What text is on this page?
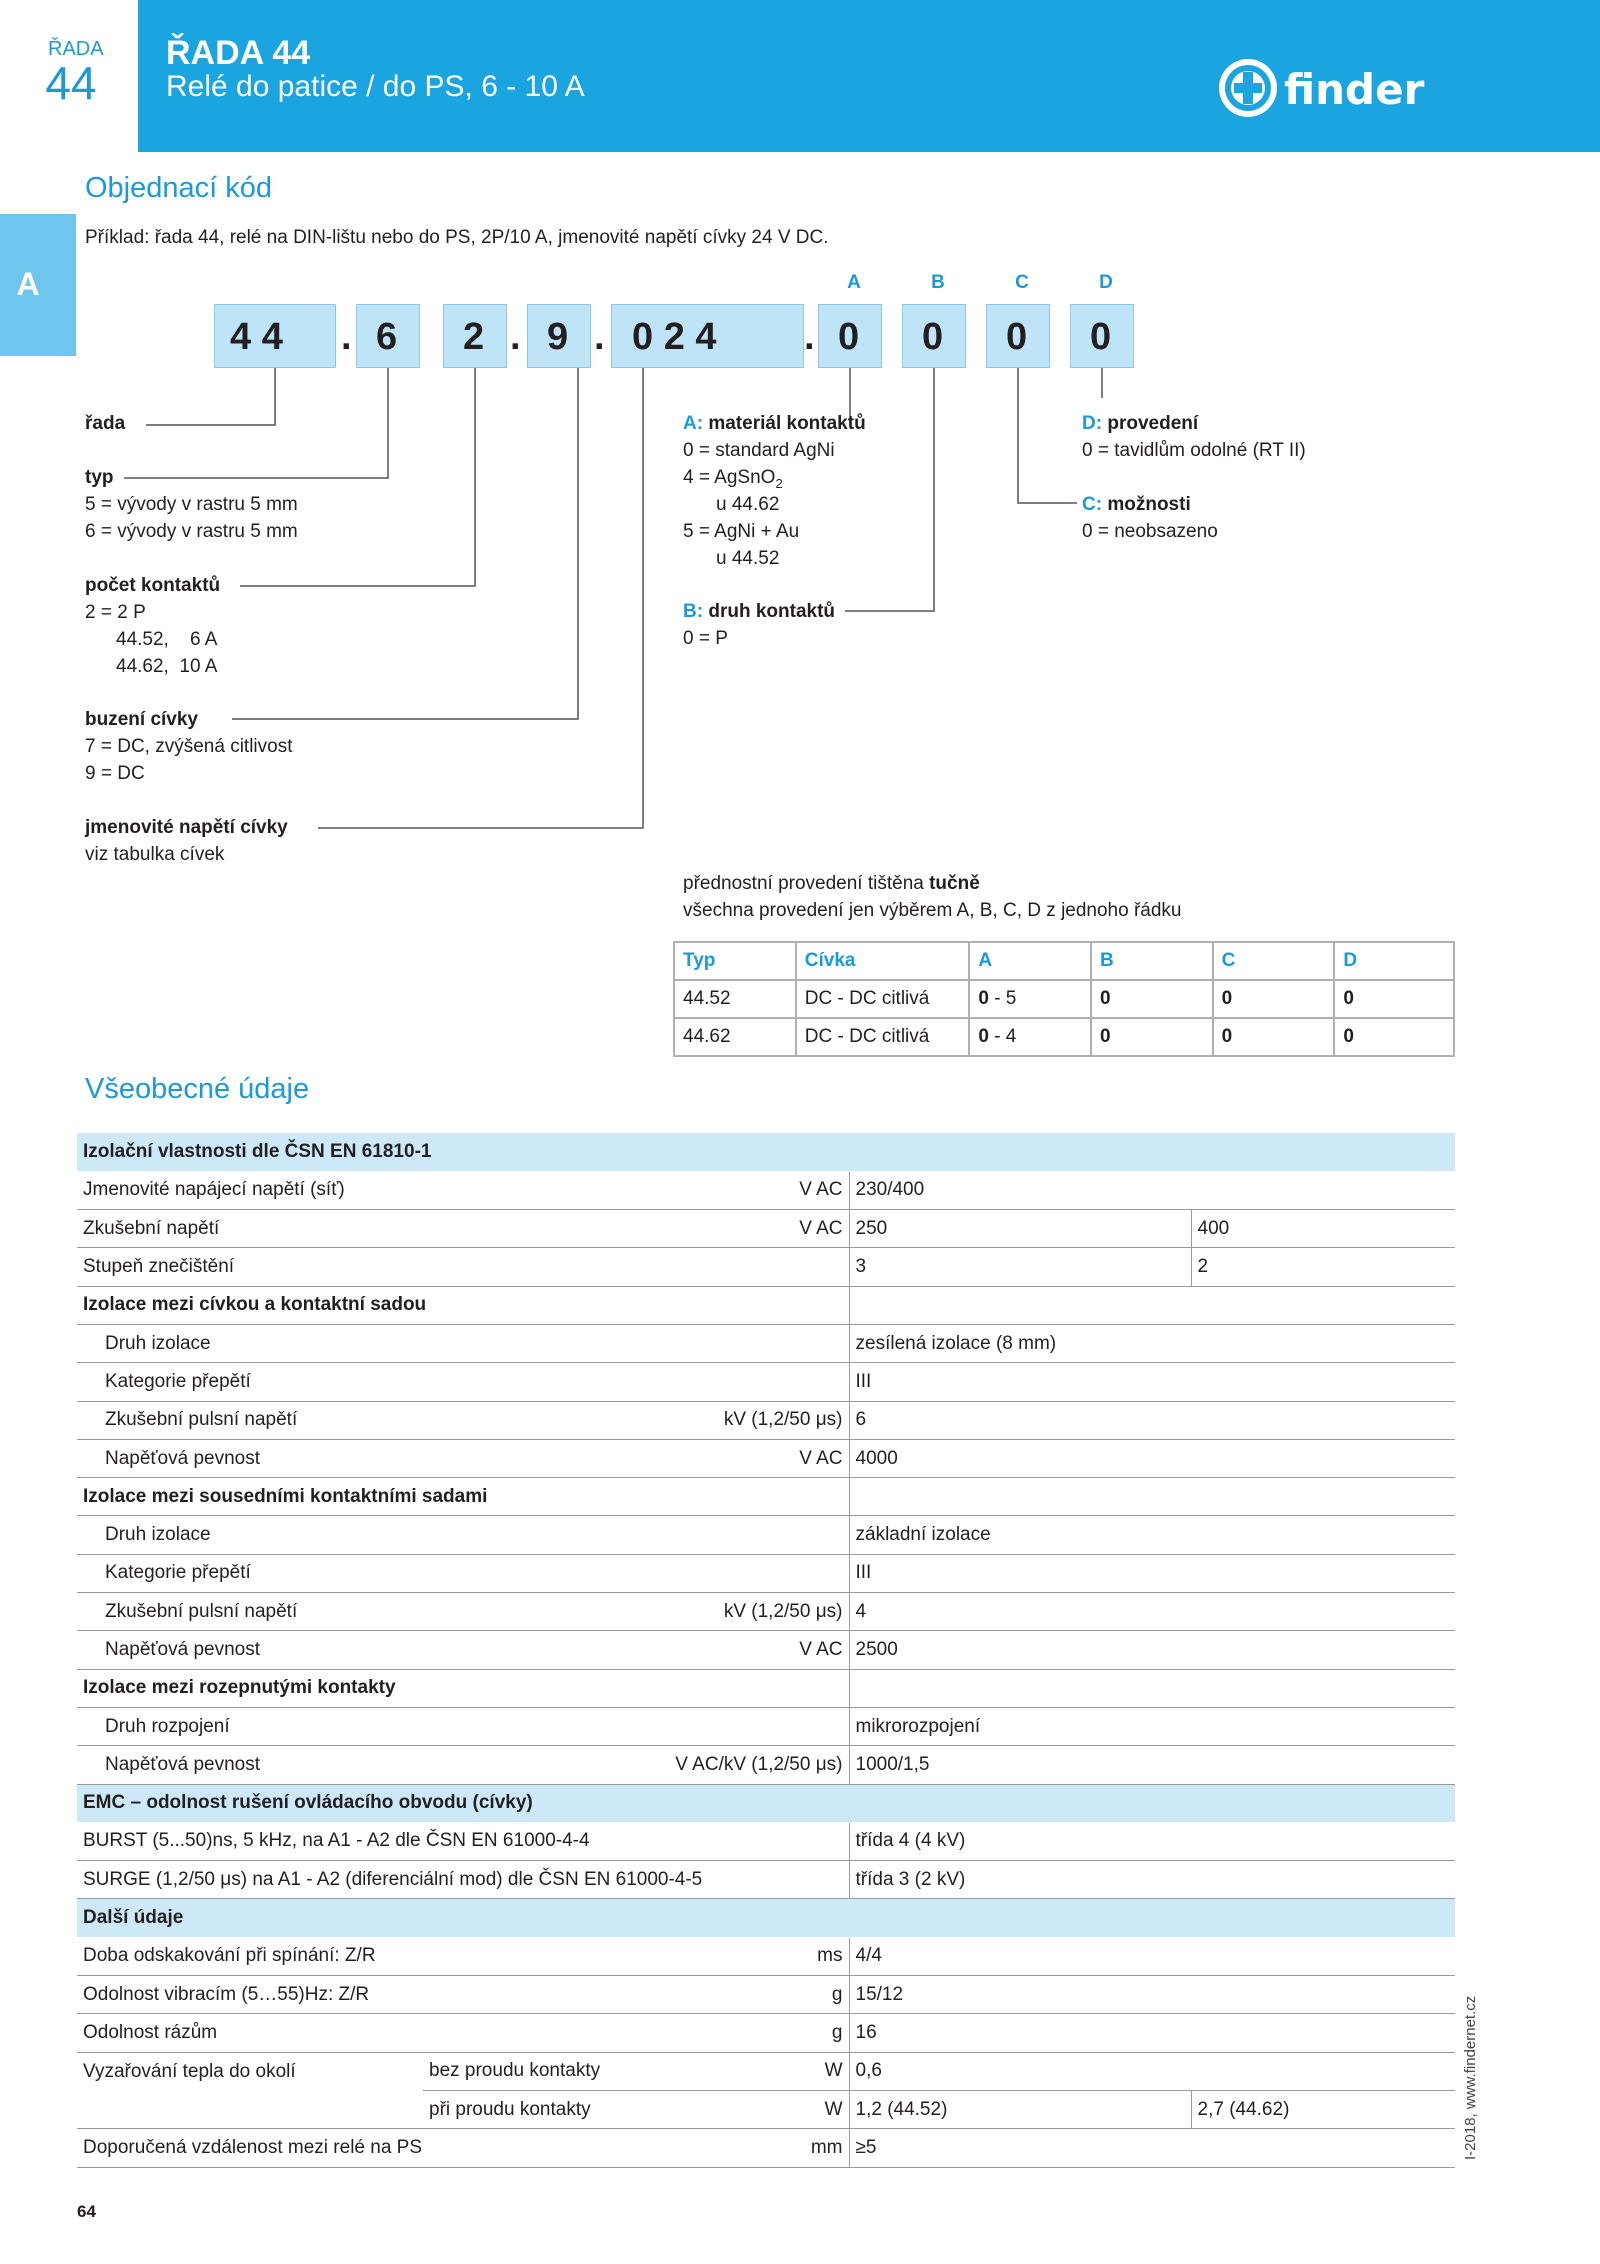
ŘADA
44
ŘADA 44
Relé do patice / do PS, 6 - 10 A	finder
A
Objednací kód
Příklad: řada 44, relé na DIN-lištu nebo do PS, 2P/10 A, jmenovité napětí cívky 24 V DC.
A	B	C	D
4 4 . 6 2 . 9 . 0 2 4 . 0 0 0 0
řada
typ
5 = vývody v rastru 5 mm
6 = vývody v rastru 5 mm
počet kontaktů
2 = 2 P
44.52,    6 A
44.62,  10 A
buzení cívky
7 = DC, zvýšená citlivost
9 = DC
jmenovité napětí cívky
viz tabulka cívek
A: materiál kontaktů
0 = standard AgNi
4 = AgSnO$_2$
u 44.62
5 = AgNi + Au
u 44.52
B: druh kontaktů
0 = P
D: provedení
0 = tavidlům odolné (RT II)
C: možnosti
0 = neobsazeno
přednostní provedení tištěna tučně
všechna provedení jen výběrem A, B, C, D z jednoho řádku
Typ	Cívka	A	B	C	D
44.52	DC - DC citlivá	0 - 5	0	0	0
44.62	DC - DC citlivá	0 - 4	0	0	0
Všeobecné údaje
Izolační vlastnosti dle ČSN EN 61810-1				
Jmenovité napájecí napětí (síť)		V AC	230/400	
Zkušební napětí		V AC	250	400
Stupeň znečištění			3	2
Izolace mezi cívkou a kontaktní sadou				
Druh izolace			zesílená izolace (8 mm)	
Kategorie přepětí			III	
Zkušební pulsní napětí	kV (1,2/50 μs)		6	
Napěťová pevnost		V AC	4000	
Izolace mezi sousedními kontaktními sadami				
Druh izolace			základní izolace	
Kategorie přepětí			III	
Zkušební pulsní napětí	kV (1,2/50 μs)		4	
Napěťová pevnost		V AC	2500	
Izolace mezi rozepnutými kontakty				
Druh rozpojení			mikrorozpojení	
Napěťová pevnost	V AC/kV (1,2/50 μs)		1000/1,5	
EMC – odolnost rušení ovládacího obvodu (cívky)				
BURST (5...50)ns, 5 kHz, na A1 - A2 dle ČSN EN 61000-4-4			třída 4 (4 kV)	
SURGE (1,2/50 μs) na A1 - A2 (diferenciální mod) dle ČSN EN 61000-4-5			třída 3 (2 kV)	
Další údaje				
Doba odskakování při spínání: Z/R		ms	4/4	
Odolnost vibracím (5…55)Hz: Z/R		g	15/12	
Odolnost rázům		g	16	
Vyzařování tepla do okolí	bez proudu kontakty	W	0,6	
	při proudu kontakty	W	1,2 (44.52)	2,7 (44.62)
Doporučená vzdálenost mezi relé na PS		mm	≥5	
64
I-2018, www.findernet.cz
